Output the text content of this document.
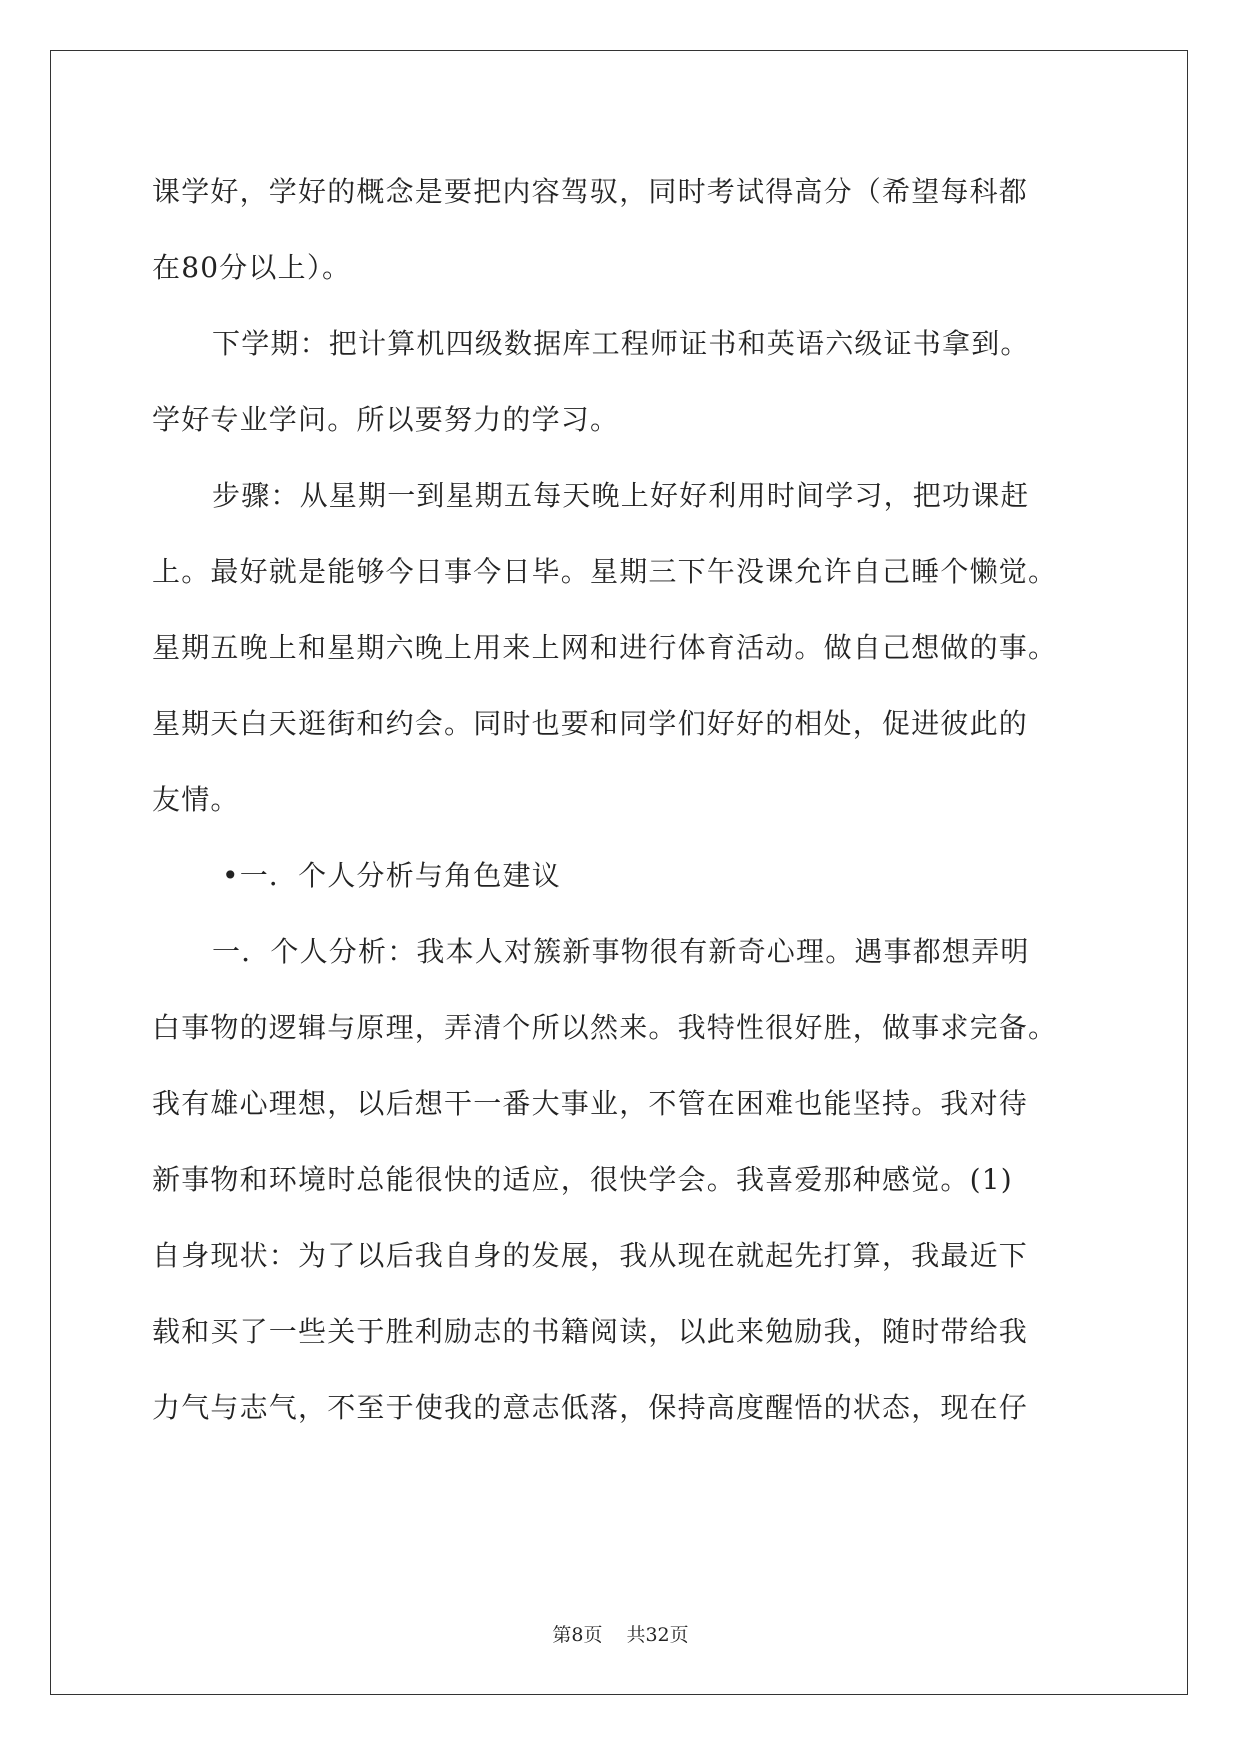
课学好，学好的概念是要把内容驾驭，同时考试得高分（希望每科都
在80分以上）。
下学期：把计算机四级数据库工程师证书和英语六级证书拿到。
学好专业学问。所以要努力的学习。
步骤：从星期一到星期五每天晚上好好利用时间学习，把功课赶
上。最好就是能够今日事今日毕。星期三下午没课允许自己睡个懒觉。
星期五晚上和星期六晚上用来上网和进行体育活动。做自己想做的事。
星期天白天逛街和约会。同时也要和同学们好好的相处，促进彼此的
友情。
•一．个人分析与角色建议
一．个人分析：我本人对簇新事物很有新奇心理。遇事都想弄明
白事物的逻辑与原理，弄清个所以然来。我特性很好胜，做事求完备。
我有雄心理想，以后想干一番大事业，不管在困难也能坚持。我对待
新事物和环境时总能很快的适应，很快学会。我喜爱那种感觉。(1)
自身现状：为了以后我自身的发展，我从现在就起先打算，我最近下
载和买了一些关于胜利励志的书籍阅读，以此来勉励我，随时带给我
力气与志气，不至于使我的意志低落，保持高度醒悟的状态，现在仔
第8页 共32页
